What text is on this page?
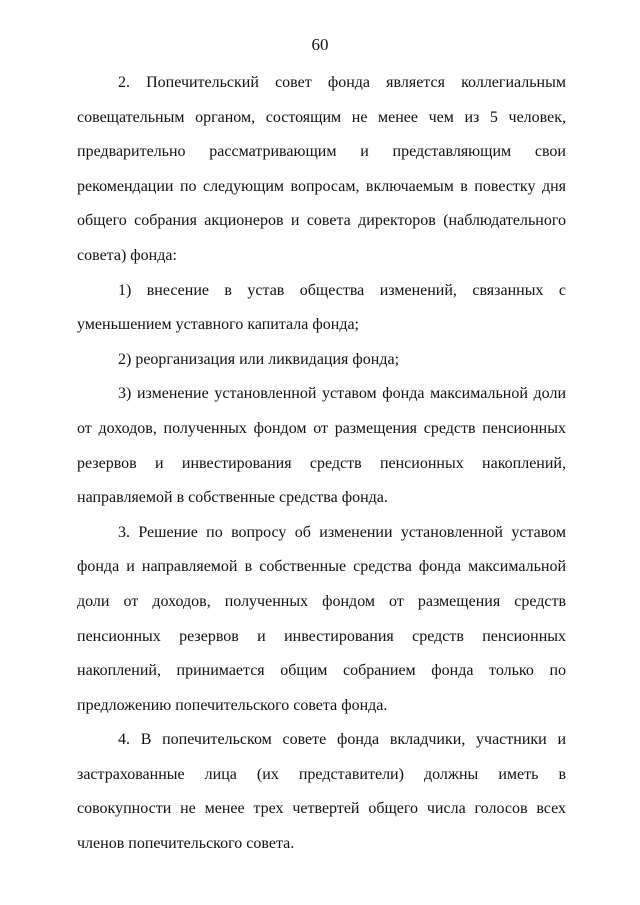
60

2. Попечительский совет фонда является коллегиальным совещательным органом, состоящим не менее чем из 5 человек, предварительно рассматривающим и представляющим свои рекомендации по следующим вопросам, включаемым в повестку дня общего собрания акционеров и совета директоров (наблюдательного совета) фонда:

1) внесение в устав общества изменений, связанных с уменьшением уставного капитала фонда;

2) реорганизация или ликвидация фонда;

3) изменение установленной уставом фонда максимальной доли от доходов, полученных фондом от размещения средств пенсионных резервов и инвестирования средств пенсионных накоплений, направляемой в собственные средства фонда.

3. Решение по вопросу об изменении установленной уставом фонда и направляемой в собственные средства фонда максимальной доли от доходов, полученных фондом от размещения средств пенсионных резервов и инвестирования средств пенсионных накоплений, принимается общим собранием фонда только по предложению попечительского совета фонда.

4. В попечительском совете фонда вкладчики, участники и застрахованные лица (их представители) должны иметь в совокупности не менее трех четвертей общего числа голосов всех членов попечительского совета.
